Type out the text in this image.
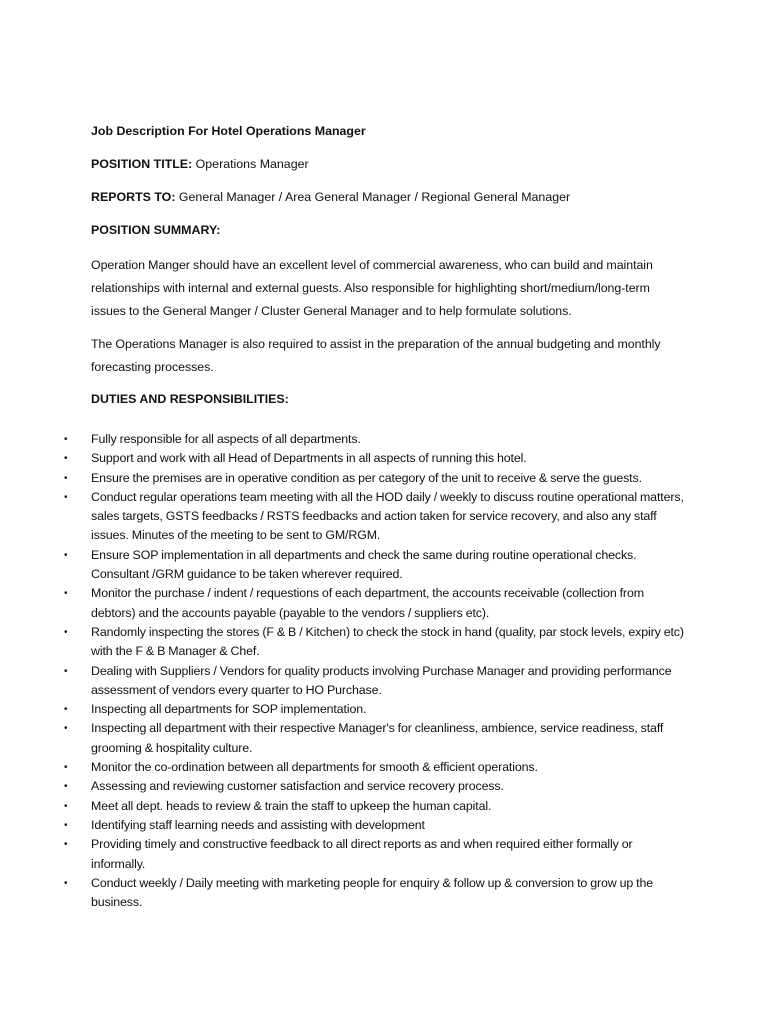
Job Description For Hotel Operations Manager
POSITION TITLE: Operations Manager
REPORTS TO: General Manager / Area General Manager / Regional General Manager
POSITION SUMMARY:
Operation Manger should have an excellent level of commercial awareness, who can build and maintain relationships with internal and external guests. Also responsible for highlighting short/medium/long-term issues to the General Manger / Cluster General Manager and to help formulate solutions.
The Operations Manager is also required to assist in the preparation of the annual budgeting and monthly forecasting processes.
DUTIES AND RESPONSIBILITIES:
• Fully responsible for all aspects of all departments.
• Support and work with all Head of Departments in all aspects of running this hotel.
• Ensure the premises are in operative condition as per category of the unit to receive & serve the guests.
• Conduct regular operations team meeting with all the HOD daily / weekly to discuss routine operational matters, sales targets, GSTS feedbacks / RSTS feedbacks and action taken for service recovery, and also any staff issues. Minutes of the meeting to be sent to GM/RGM.
• Ensure SOP implementation in all departments and check the same during routine operational checks. Consultant /GRM guidance to be taken wherever required.
• Monitor the purchase / indent / requestions of each department, the accounts receivable (collection from debtors) and the accounts payable (payable to the vendors / suppliers etc).
• Randomly inspecting the stores (F & B / Kitchen) to check the stock in hand (quality, par stock levels, expiry etc) with the F & B Manager & Chef.
• Dealing with Suppliers / Vendors for quality products involving Purchase Manager and providing performance assessment of vendors every quarter to HO Purchase.
• Inspecting all departments for SOP implementation.
• Inspecting all department with their respective Manager's for cleanliness, ambience, service readiness, staff grooming & hospitality culture.
• Monitor the co-ordination between all departments for smooth & efficient operations.
• Assessing and reviewing customer satisfaction and service recovery process.
• Meet all dept. heads to review & train the staff to upkeep the human capital.
• Identifying staff learning needs and assisting with development
• Providing timely and constructive feedback to all direct reports as and when required either formally or informally.
• Conduct weekly / Daily meeting with marketing people for enquiry & follow up & conversion to grow up the business.
